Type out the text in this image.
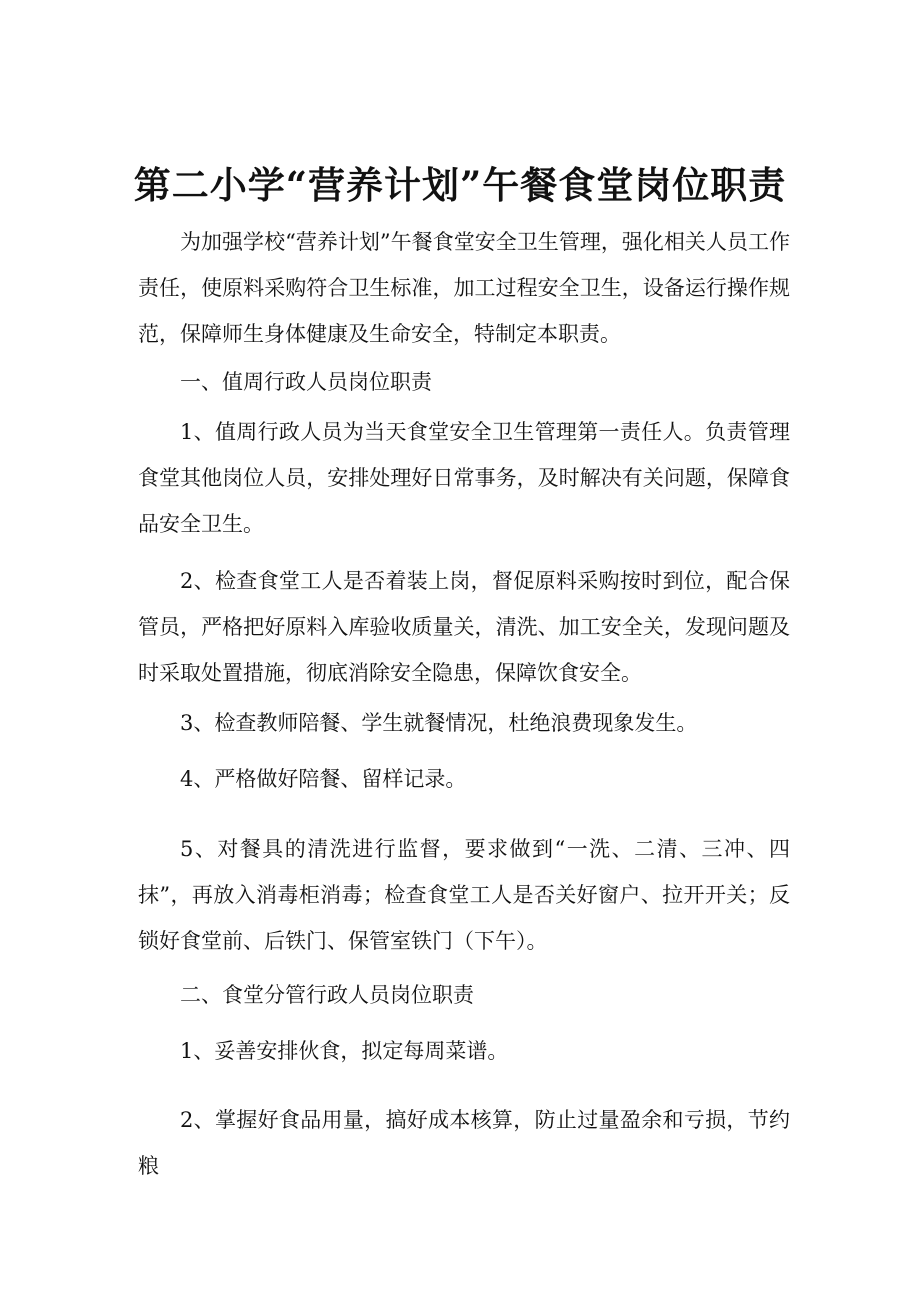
第二小学“营养计划”午餐食堂岗位职责

为加强学校“营养计划”午餐食堂安全卫生管理，强化相关人员工作责任，使原料采购符合卫生标准，加工过程安全卫生，设备运行操作规范，保障师生身体健康及生命安全，特制定本职责。

一、值周行政人员岗位职责

1、值周行政人员为当天食堂安全卫生管理第一责任人。负责管理食堂其他岗位人员，安排处理好日常事务，及时解决有关问题，保障食品安全卫生。

2、检查食堂工人是否着装上岗，督促原料采购按时到位，配合保管员，严格把好原料入库验收质量关，清洗、加工安全关，发现问题及时采取处置措施，彻底消除安全隐患，保障饮食安全。

3、检查教师陪餐、学生就餐情况，杜绝浪费现象发生。

4、严格做好陪餐、留样记录。

5、对餐具的清洗进行监督，要求做到“一洗、二清、三冲、四抹”，再放入消毒柜消毒；检查食堂工人是否关好窗户、拉开开关；反锁好食堂前、后铁门、保管室铁门（下午）。

二、食堂分管行政人员岗位职责

1、妥善安排伙食，拟定每周菜谱。

2、掌握好食品用量，搞好成本核算，防止过量盈余和亏损，节约粮
